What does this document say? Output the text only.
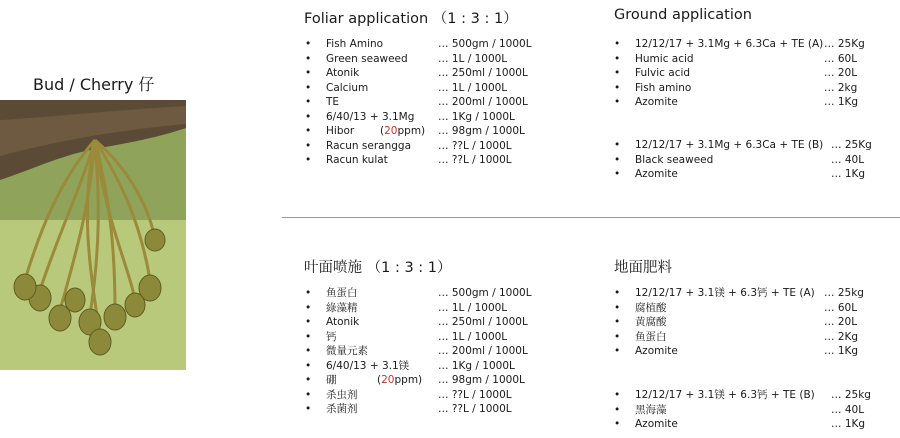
Bud / Cherry 仔
Foliar application （1 : 3 : 1）
• Fish Amino	… 500gm / 1000L
• Green seaweed	… 1L / 1000L
• Atonik	… 250ml / 1000L
• Calcium	… 1L / 1000L
• TE	… 200ml / 1000L
• 6/40/13 + 3.1Mg … 1Kg / 1000L
• Hibor (20ppm) … 98gm / 1000L
• Racun serangga	… ??L / 1000L
• Racun kulat	… ??L / 1000L
Ground application
• 12/12/17 + 3.1Mg + 6.3Ca + TE (A) … 25Kg
• Humic acid	… 60L
• Fulvic acid	… 20L
• Fish amino	… 2kg
• Azomite	… 1Kg
• 12/12/17 + 3.1Mg + 6.3Ca + TE (B) … 25Kg
• Black seaweed	… 40L
• Azomite	… 1Kg
叶面喷施 （1 : 3 : 1）
• 鱼蛋白	… 500gm / 1000L
• 綠藻精	… 1L / 1000L
• Atonik	… 250ml / 1000L
• 钙	… 1L / 1000L
• 微量元素	… 200ml / 1000L
• 6/40/13 + 3.1镁	… 1Kg / 1000L
• 硼	(20ppm) … 98gm / 1000L
• 杀虫剂	… ??L / 1000L
• 杀菌剂	… ??L / 1000L
地面肥料
• 12/12/17 + 3.1镁 + 6.3钙 + TE (A) … 25kg
• 腐植酸	… 60L
• 黄腐酸	… 20L
• 鱼蛋白	… 2Kg
• Azomite	… 1Kg
• 12/12/17 + 3.1镁 + 6.3钙 + TE (B) … 25kg
• 黑海藻	… 40L
• Azomite	… 1Kg
